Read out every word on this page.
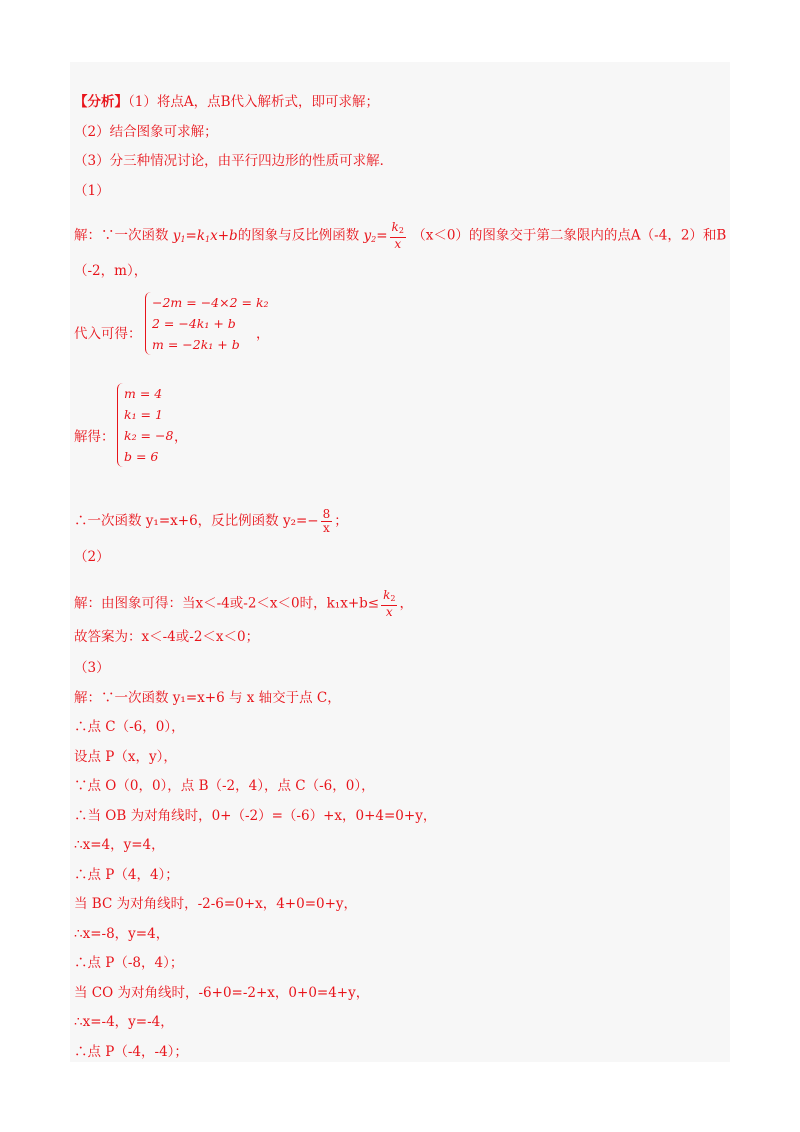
【分析】（1）将点A，点B代入解析式，即可求解；
（2）结合图象可求解；
（3）分三种情况讨论，由平行四边形的性质可求解．
（1）
解：∵一次函数 $y_1=k_1x+b$的图象与反比例函数 $y_2= \frac{k_2}{x} (x<0)$的图象交于第二象限内的点A（-4，2）和B
（-2，m），
代入可得：
−2m = −4×2 = k₂
2 = −4k₁ + b
m = −2k₁ + b
，
解得：
m = 4
k₁ = 1
k₂ = −8
b = 6
，
∴一次函数 y₁=x+6，反比例函数 $y_2=- \frac{8}{x}$ ；
（2）
解：由图象可得：当x＜-4或-2＜x＜0时，$k_1x+b\le \frac{k_2}{x}$ ，
故答案为：x＜-4或-2＜x＜0；
（3）
解：∵一次函数 y₁=x+6 与 x 轴交于点 C，
∴点 C（-6，0），
设点 P（x，y），
∵点 O（0，0），点 B（-2，4），点 C（-6，0），
∴当 OB 为对角线时，0+（-2）=（-6）+x，0+4=0+y，
∴x=4，y=4，
∴点 P（4，4）；
当 BC 为对角线时，-2-6=0+x，4+0=0+y，
∴x=-8，y=4，
∴点 P（-8，4）；
当 CO 为对角线时，-6+0=-2+x，0+0=4+y，
∴x=-4，y=-4，
∴点 P（-4，-4）；
